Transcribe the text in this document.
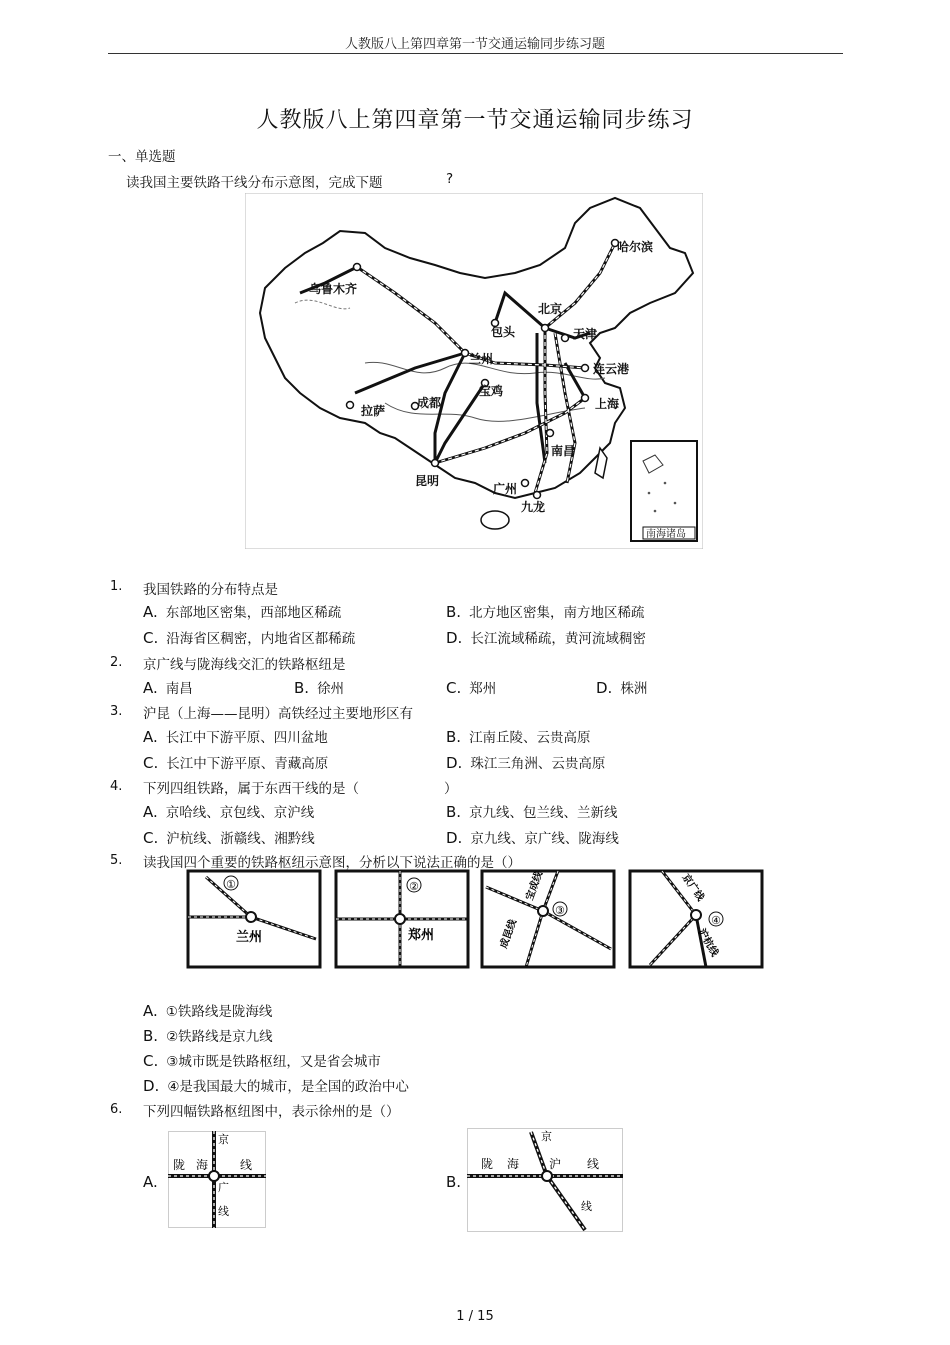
人教版八上第四章第一节交通运输同步练习题
人教版八上第四章第一节交通运输同步练习
一、单选题
读我国主要铁路干线分布示意图，完成下题	?
哈尔滨
乌鲁木齐
北京
包头	天津
兰州
连云港
宝鸡
上海
拉萨
成都
南昌
昆明
广州
九龙
南海诸岛
1. 我国铁路的分布特点是
A. 东部地区密集，西部地区稀疏	B. 北方地区密集，南方地区稀疏
C. 沿海省区稠密，内地省区都稀疏	D. 长江流域稀疏，黄河流域稠密
2. 京广线与陇海线交汇的铁路枢纽是
A. 南昌	B. 徐州	C. 郑州	D. 株洲
3. 沪昆（上海——昆明）高铁经过主要地形区有
A. 长江中下游平原、四川盆地	B. 江南丘陵、云贵高原
C. 长江中下游平原、青藏高原	D. 珠江三角洲、云贵高原
4. 下列四组铁路，属于东西干线的是（	）
A. 京哈线、京包线、京沪线	B. 京九线、包兰线、兰新线
C. 沪杭线、浙赣线、湘黔线	D. 京九线、京广线、陇海线
5. 读我国四个重要的铁路枢纽示意图，分析以下说法正确的是（）
①
兰州
②
郑州
③
宝成线
成昆线	④
京广线
沪杭线
A. ①铁路线是陇海线
B. ②铁路线是京九线
C. ③城市既是铁路枢纽，又是省会城市
D. ④是我国最大的城市，是全国的政治中心
6. 下列四幅铁路枢纽图中，表示徐州的是（）
A.
京
陇 海	线
广
线
B.
京
陇 海 沪 线
线
1 / 15
